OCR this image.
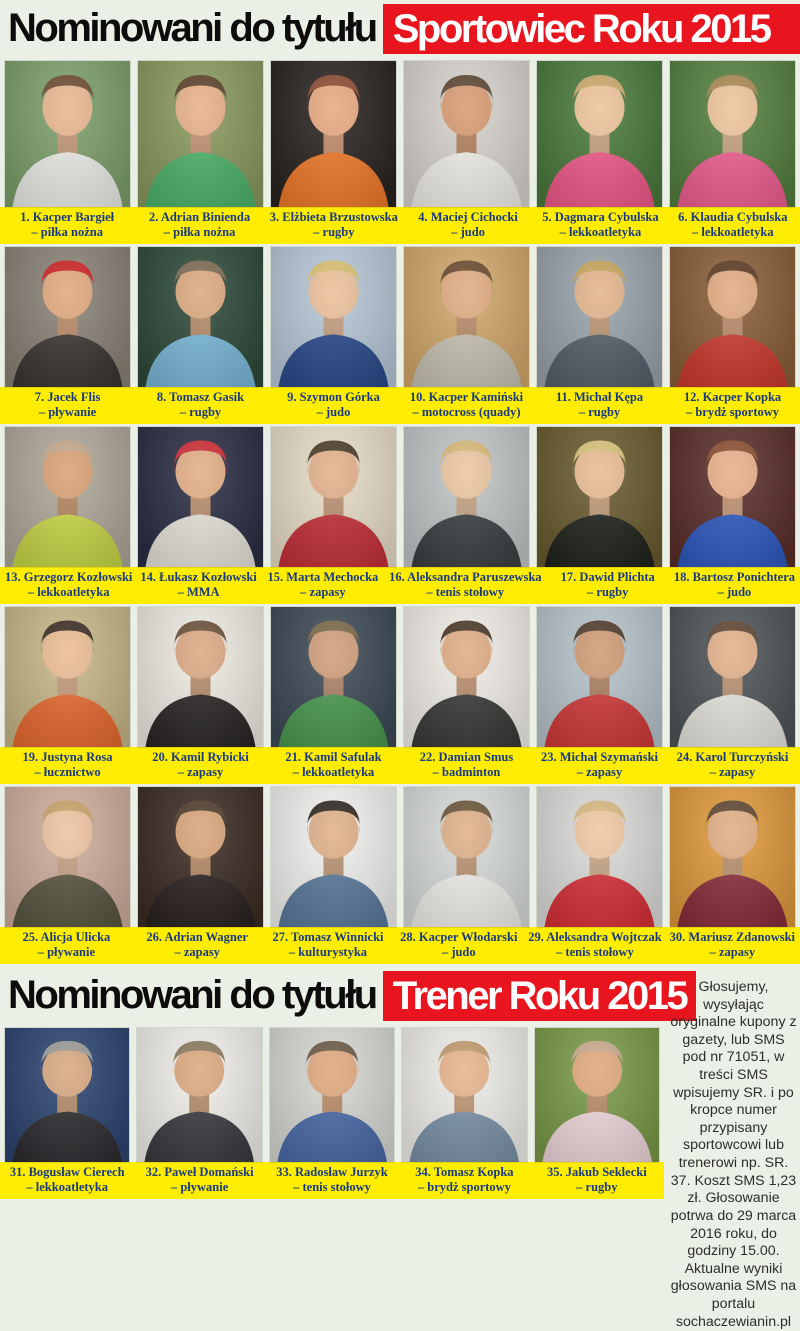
Nominowani do tytułu Sportowiec Roku 2015
1. Kacper Bargieł
– piłka nożna
2. Adrian Binienda
– piłka nożna
3. Elżbieta Brzustowska
– rugby
4. Maciej Cichocki
– judo
5. Dagmara Cybulska
– lekkoatletyka
6. Klaudia Cybulska
– lekkoatletyka
7. Jacek Flis
– pływanie
8. Tomasz Gasik
– rugby
9. Szymon Górka
– judo
10. Kacper Kamiński
– motocross (quady)
11. Michał Kępa
– rugby
12. Kacper Kopka
– brydż sportowy
13. Grzegorz Kozłowski
– lekkoatletyka
14. Łukasz Kozłowski
– MMA
15. Marta Mechocka
– zapasy
16. Aleksandra Paruszewska
– tenis stołowy
17. Dawid Plichta
– rugby
18. Bartosz Ponichtera
– judo
19. Justyna Rosa
– łucznictwo
20. Kamil Rybicki
– zapasy
21. Kamil Safulak
– lekkoatletyka
22. Damian Smus
– badminton
23. Michał Szymański
– zapasy
24. Karol Turczyński
– zapasy
25. Alicja Ulicka
– pływanie
26. Adrian Wagner
– zapasy
27. Tomasz Winnicki
– kulturystyka
28. Kacper Włodarski
– judo
29. Aleksandra Wojtczak
– tenis stołowy
30. Mariusz Zdanowski
– zapasy
Nominowani do tytułu Trener Roku 2015
31. Bogusław Cierech
– lekkoatletyka
32. Paweł Domański
– pływanie
33. Radosław Jurzyk
– tenis stołowy
34. Tomasz Kopka
– brydż sportowy
35. Jakub Seklecki
– rugby
Głosujemy, wysyłając oryginalne kupony z gazety, lub SMS pod nr 71051, w treści SMS wpisujemy SR. i po kropce numer przypisany sportowcowi lub trenerowi np. SR. 37. Koszt SMS 1,23 zł. Głosowanie potrwa do 29 marca 2016 roku, do godziny 15.00. Aktualne wyniki głosowania SMS na portalu sochaczewianin.pl
